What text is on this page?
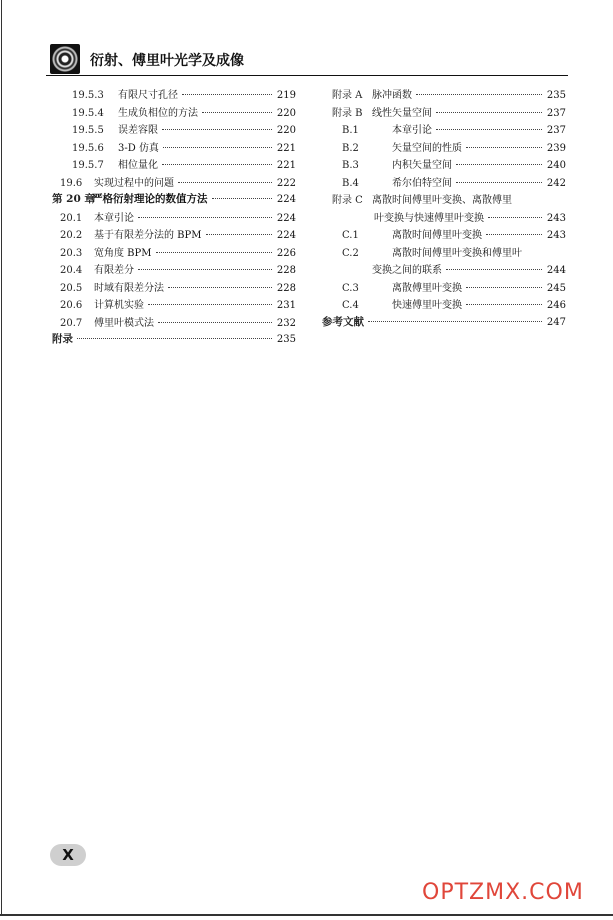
衍射、傅里叶光学及成像
19.5.3	有限尺寸孔径	219
19.5.4	生成负相位的方法	220
19.5.5	误差容限	220
19.5.6	3-D 仿真	221
19.5.7	相位量化	221
19.6	实现过程中的问题	222
第 20 章
严格衍射理论的数值方法	224
20.1	本章引论	224
20.2	基于有限差分法的 BPM	224
20.3	宽角度 BPM	226
20.4	有限差分	228
20.5	时域有限差分法	228
20.6	计算机实验	231
20.7	傅里叶模式法	232
附录	235
附录 A 脉冲函数	235
附录 B 线性矢量空间	237
B.1	本章引论	237
B.2	矢量空间的性质	239
B.3	内积矢量空间	240
B.4	希尔伯特空间	242
附录 C 离散时间傅里叶变换、离散傅里
叶变换与快速傅里叶变换	243
C.1	离散时间傅里叶变换	243
C.2	离散时间傅里叶变换和傅里叶
变换之间的联系	244
C.3	离散傅里叶变换	245
C.4	快速傅里叶变换	246
参考文献	247
X
OPTZMX.COM
